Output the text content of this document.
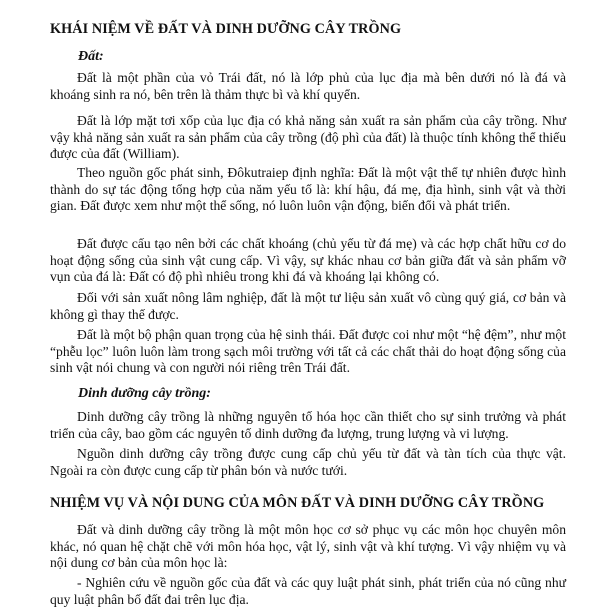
KHÁI NIỆM VỀ ĐẤT VÀ DINH DƯỠNG CÂY TRỒNG
Đất:

Đất là một phần của vỏ Trái đất, nó là lớp phủ của lục địa mà bên dưới nó là đá và khoáng sinh ra nó, bên trên là thảm thực bì và khí quyển.

Đất là lớp mặt tơi xốp của lục địa có khả năng sản xuất ra sản phẩm của cây trồng. Như vậy khả năng sản xuất ra sản phẩm của cây trồng (độ phì của đất) là thuộc tính không thể thiếu được của đất (William).

Theo nguồn gốc phát sinh, Đôkutraiep định nghĩa: Đất là một vật thể tự nhiên được hình thành do sự tác động tổng hợp của năm yếu tố là: khí hậu, đá mẹ, địa hình, sinh vật và thời gian. Đất được xem như một thể sống, nó luôn luôn vận động, biến đổi và phát triển.

Đất được cấu tạo nên bởi các chất khoáng (chủ yếu từ đá mẹ) và các hợp chất hữu cơ do hoạt động sống của sinh vật cung cấp. Vì vậy, sự khác nhau cơ bản giữa đất và sản phẩm vỡ vụn của đá là: Đất có độ phì nhiêu trong khi đá và khoáng lại không có.

Đối với sản xuất nông lâm nghiệp, đất là một tư liệu sản xuất vô cùng quý giá, cơ bản và không gì thay thế được.

Đất là một bộ phận quan trọng của hệ sinh thái. Đất được coi như một “hệ đệm”, như một “phễu lọc” luôn luôn làm trong sạch môi trường với tất cả các chất thải do hoạt động sống của sinh vật nói chung và con người nói riêng trên Trái đất.

Dinh dưỡng cây trồng:

Dinh dưỡng cây trồng là những nguyên tố hóa học cần thiết cho sự sinh trưởng và phát triển của cây, bao gồm các nguyên tố dinh dưỡng đa lượng, trung lượng và vi lượng.

Nguồn dinh dưỡng cây trồng được cung cấp chủ yếu từ đất và tàn tích của thực vật. Ngoài ra còn được cung cấp từ phân bón và nước tưới.

NHIỆM VỤ VÀ NỘI DUNG CỦA MÔN ĐẤT VÀ DINH DƯỠNG CÂY TRỒNG

Đất và dinh dưỡng cây trồng là một môn học cơ sở phục vụ các môn học chuyên môn khác, nó quan hệ chặt chẽ với môn hóa học, vật lý, sinh vật và khí tượng. Vì vậy nhiệm vụ và nội dung cơ bản của môn học là:

- Nghiên cứu về nguồn gốc của đất và các quy luật phát sinh, phát triển của nó cũng như quy luật phân bố đất đai trên lục địa.
